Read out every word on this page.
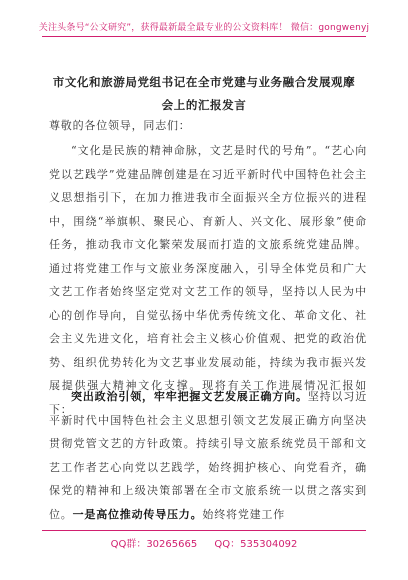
关注头条号“公文研究”，获得最新最全最专业的公文资料库！ 微信：gongwenyj
市文化和旅游局党组书记在全市党建与业务融合发展观摩
会上的汇报发言
尊敬的各位领导，同志们：
“文化是民族的精神命脉，文艺是时代的号角”。“艺心向党以艺践学”党建品牌创建是在习近平新时代中国特色社会主义思想指引下，在加力推进我市全面振兴全方位振兴的进程中，围绕“举旗帜、聚民心、育新人、兴文化、展形象”使命任务，推动我市文化繁荣发展而打造的文旅系统党建品牌。通过将党建工作与文旅业务深度融入，引导全体党员和广大文艺工作者始终坚定党对文艺工作的领导，坚持以人民为中心的创作导向，自觉弘扬中华优秀传统文化、革命文化、社会主义先进文化，培育社会主义核心价值观、把党的政治优势、组织优势转化为文艺事业发展动能，持续为我市振兴发展提供强大精神文化支撑。现将有关工作进展情况汇报如下：
突出政治引领，牢牢把握文艺发展正确方向。坚持以习近平新时代中国特色社会主义思想引领文艺发展正确方向坚决贯彻党管文艺的方针政策。持续引导文旅系统党员干部和文艺工作者艺心向党以艺践学，始终拥护核心、向党看齐，确保党的精神和上级决策部署在全市文旅系统一以贯之落实到位。一是高位推动传导压力。始终将党建工作
QQ群：30265665 QQ：535304092
